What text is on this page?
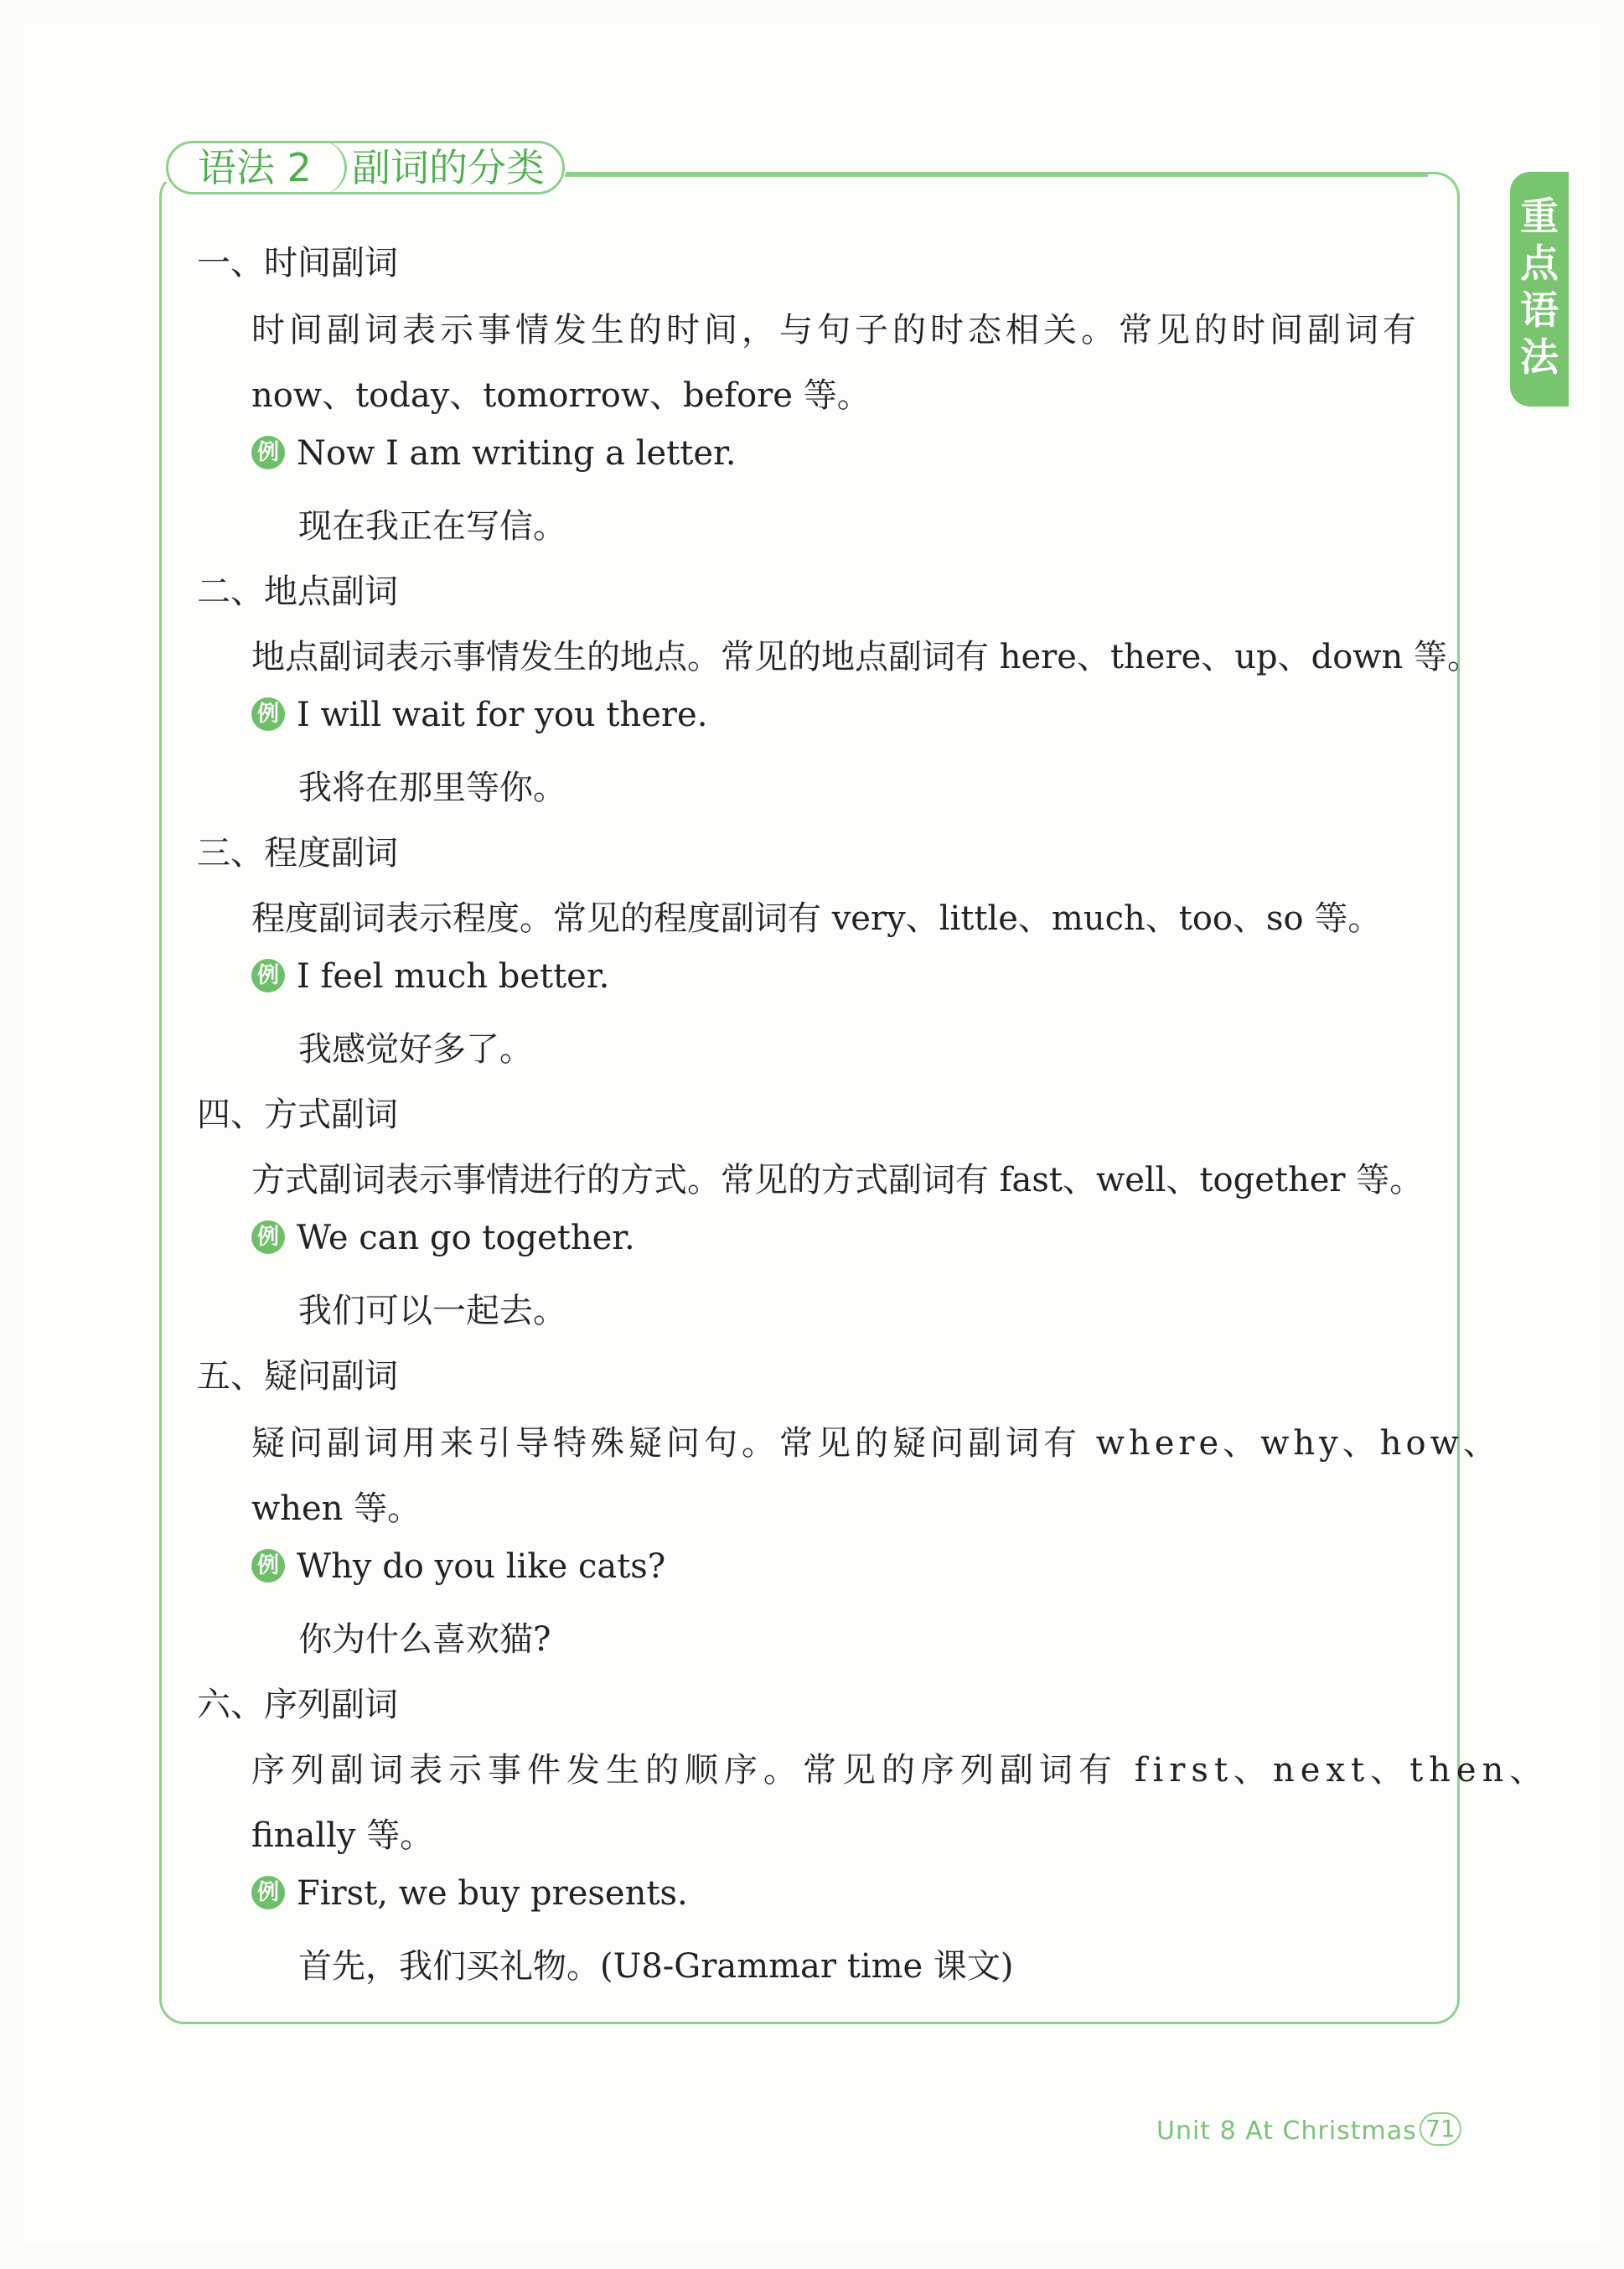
语法 2 副词的分类
重
点
语
法
一、时间副词
时间副词表示事情发生的时间，与句子的时态相关。常见的时间副词有
now、today、tomorrow、before 等。
例 Now I am writing a letter.
现在我正在写信。
二、地点副词
地点副词表示事情发生的地点。常见的地点副词有 here、there、up、down 等。
例 I will wait for you there.
我将在那里等你。
三、程度副词
程度副词表示程度。常见的程度副词有 very、little、much、too、so 等。
例 I feel much better.
我感觉好多了。
四、方式副词
方式副词表示事情进行的方式。常见的方式副词有 fast、well、together 等。
例 We can go together.
我们可以一起去。
五、疑问副词
疑问副词用来引导特殊疑问句。常见的疑问副词有 where、why、how、
when 等。
例 Why do you like cats?
你为什么喜欢猫?
六、序列副词
序列副词表示事件发生的顺序。常见的序列副词有 first、next、then、
finally 等。
例 First, we buy presents.
首先，我们买礼物。(U8-Grammar time 课文)
Unit 8 At Christmas 71
